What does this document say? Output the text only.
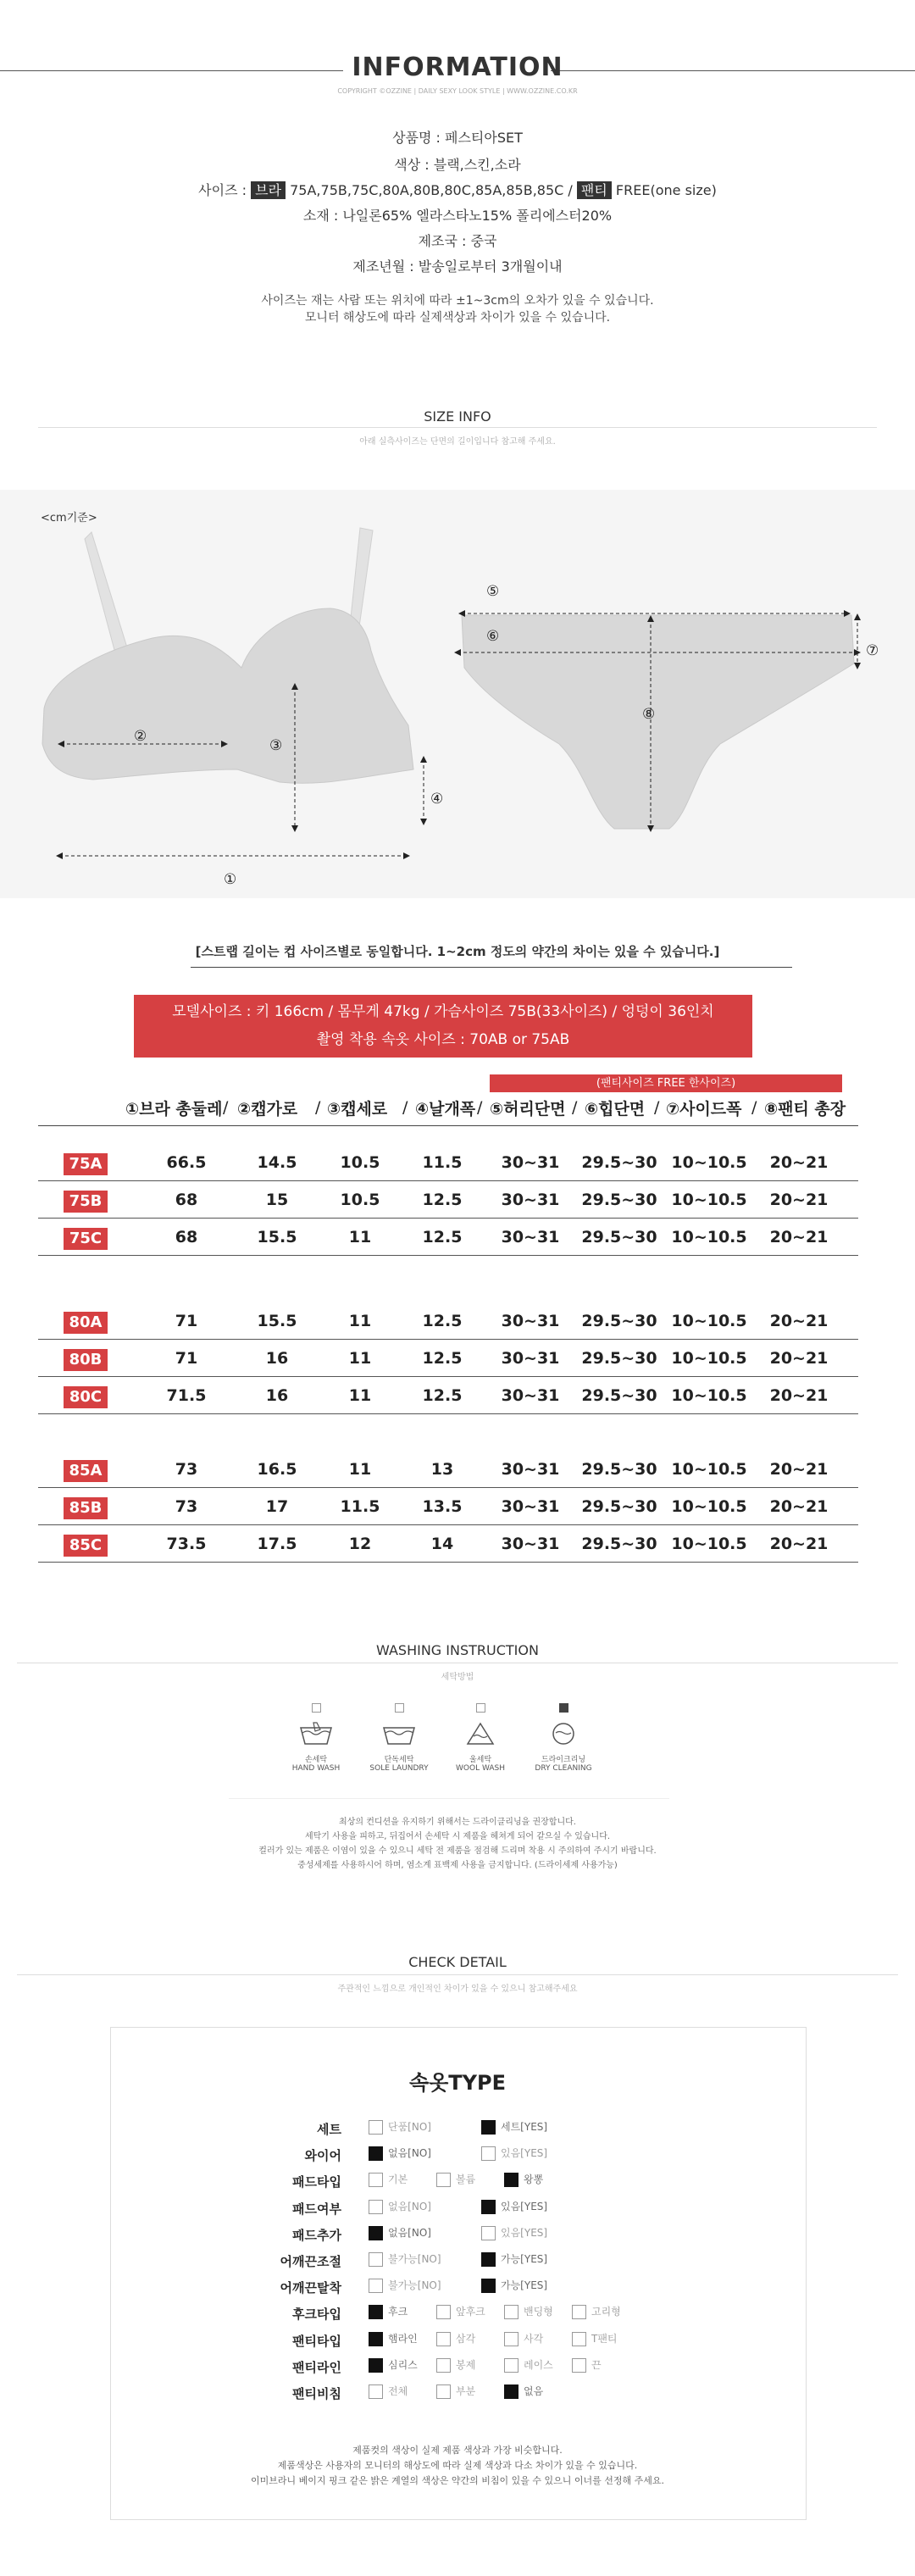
INFORMATION
COPYRIGHT ©OZZINE | DAILY SEXY LOOK STYLE | WWW.OZZINE.CO.KR
상품명 : 페스티아SET
색상 : 블랙,스킨,소라
사이즈 : 브라 75A,75B,75C,80A,80B,80C,85A,85B,85C / 팬티 FREE(one size)
소재 : 나일론65% 엘라스타노15% 폴리에스터20%
제조국 : 중국
제조년월 : 발송일로부터 3개월이내
사이즈는 재는 사람 또는 위치에 따라 ±1~3cm의 오차가 있을 수 있습니다.
모니터 해상도에 따라 실제색상과 차이가 있을 수 있습니다.
SIZE INFO
아래 실측사이즈는 단면의 길이입니다 참고해 주세요.
①
②
③
④
⑤
⑥
⑦
⑧
<cm기준>
[스트랩 길이는 컵 사이즈별로 동일합니다. 1~2cm 정도의 약간의 차이는 있을 수 있습니다.]
모델사이즈 : 키 166cm / 몸무게 47kg / 가슴사이즈 75B(33사이즈) / 엉덩이 36인치
촬영 착용 속옷 사이즈 : 70AB or 75AB
(팬티사이즈 FREE 한사이즈)
①브라 총둘레 / ②캡가로 / ③캡세로 / ④날개폭 / ⑤허리단면 / ⑥힙단면 / ⑦사이드폭 / ⑧팬티 총장
75A	66.5	14.5	10.5	11.5	30~31	29.5~30 10~10.5	20~21
75B	68	15	10.5	12.5	30~31	29.5~30 10~10.5	20~21
75C	68	15.5	11	12.5	30~31	29.5~30 10~10.5	20~21
80A	71	15.5	11	12.5	30~31	29.5~30 10~10.5	20~21
80B	71	16	11	12.5	30~31	29.5~30 10~10.5	20~21
80C	71.5	16	11	12.5	30~31	29.5~30 10~10.5	20~21
85A	73	16.5	11	13	30~31	29.5~30 10~10.5	20~21
85B	73	17	11.5	13.5	30~31	29.5~30 10~10.5	20~21
85C	73.5	17.5	12	14	30~31	29.5~30 10~10.5	20~21
WASHING INSTRUCTION
세탁방법
손세탁
HAND WASH
단독세탁
SOLE LAUNDRY
울세탁
WOOL WASH
드라이크리닝
DRY CLEANING
최상의 컨디션을 유지하기 위해서는 드라이클리닝을 권장합니다.
세탁기 사용을 피하고, 뒤집어서 손세탁 시 제품을 헤쳐게 되어 같으실 수 있습니다.
컬러가 있는 제품은 이염이 있을 수 있으니 세탁 전 제품을 점검해 드리며 착용 시 주의하여 주시기 바랍니다.
중성세제를 사용하시어 하며, 염소계 표백제 사용을 금지합니다. (드라이세제 사용가능)
CHECK DETAIL
주관적인 느낌으로 개인적인 차이가 있을 수 있으니 참고해주세요
속옷TYPE
세트	단품[NO]	세트[YES]
와이어	없음[NO]	있음[YES]
패드타입	기본	볼륨	왕뽕
패드여부	없음[NO]	있음[YES]
패드추가	없음[NO]	있음[YES]
어깨끈조절	불가능[NO]	가능[YES]
어깨끈탈착	불가능[NO]	가능[YES]
후크타입	후크	앞후크	밴딩형	고리형
팬티타입	햄라인	삼각	사각	T팬티
팬티라인	심리스	봉제	레이스	끈
팬티비침	전체	부분	없음
제품컷의 색상이 실제 제품 색상과 가장 비슷합니다.
제품색상은 사용자의 모니터의 해상도에 따라 실제 색상과 다소 차이가 있을 수 있습니다.
이미브라니 베이지 핑크 같은 밝은 계열의 색상은 약간의 비침이 있을 수 있으니 이너를 선정해 주세요.
